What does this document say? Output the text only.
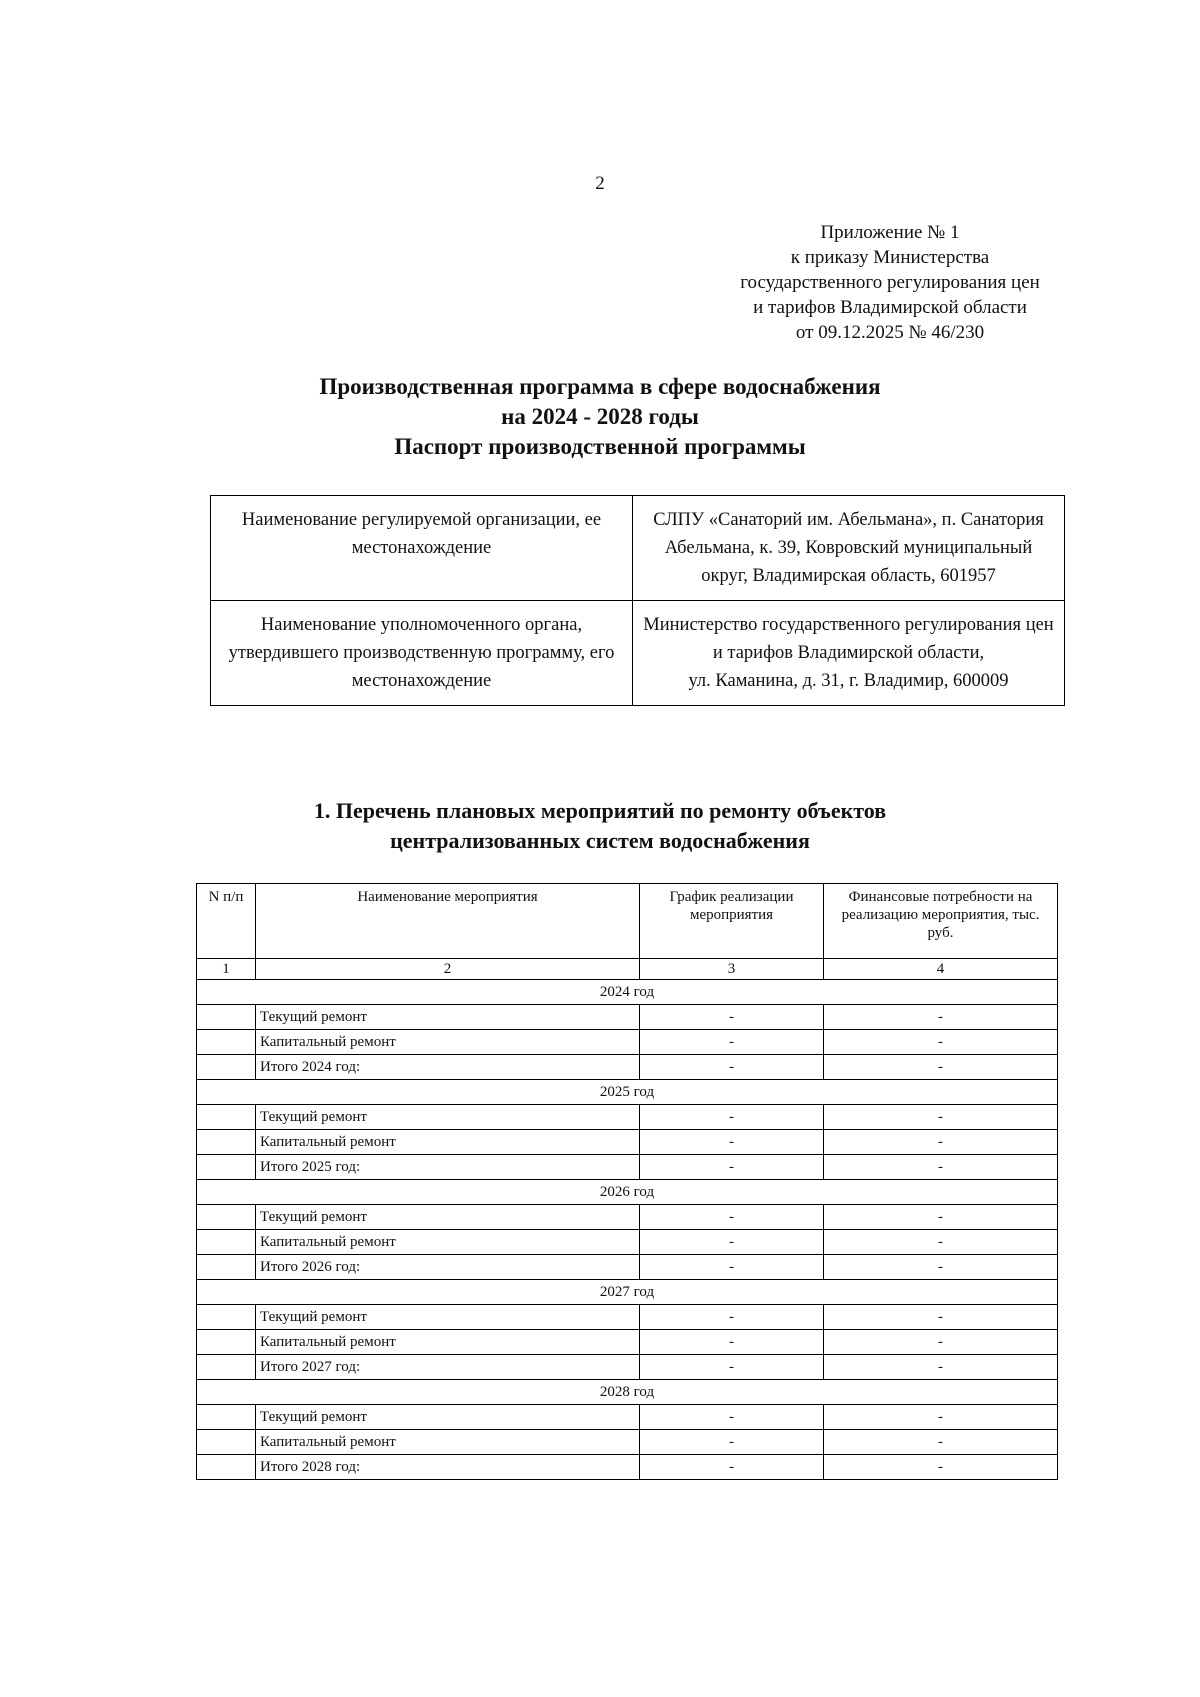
2
Приложение № 1
к приказу Министерства
государственного регулирования цен
и тарифов Владимирской области
от 09.12.2025 № 46/230
Производственная программа в сфере водоснабжения
на 2024 - 2028 годы
Паспорт производственной программы
Наименование регулируемой организации, ее местонахождение	СЛПУ «Санаторий им. Абельмана», п. Санатория Абельмана, к. 39, Ковровский муниципальный округ, Владимирская область, 601957
Наименование уполномоченного органа, утвердившего производственную программу, его местонахождение	Министерство государственного регулирования цен и тарифов Владимирской области,
ул. Каманина, д. 31, г. Владимир, 600009
1. Перечень плановых мероприятий по ремонту объектов
централизованных систем водоснабжения
N п/п	Наименование мероприятия	График реализации мероприятия	Финансовые потребности на реализацию мероприятия, тыс. руб.
1	2	3	4
2024 год			
	Текущий ремонт	-	-
	Капитальный ремонт	-	-
	Итого 2024 год:	-	-
2025 год			
	Текущий ремонт	-	-
	Капитальный ремонт	-	-
	Итого 2025 год:	-	-
2026 год			
	Текущий ремонт	-	-
	Капитальный ремонт	-	-
	Итого 2026 год:	-	-
2027 год			
	Текущий ремонт	-	-
	Капитальный ремонт	-	-
	Итого 2027 год:	-	-
2028 год			
	Текущий ремонт	-	-
	Капитальный ремонт	-	-
	Итого 2028 год:	-	-
